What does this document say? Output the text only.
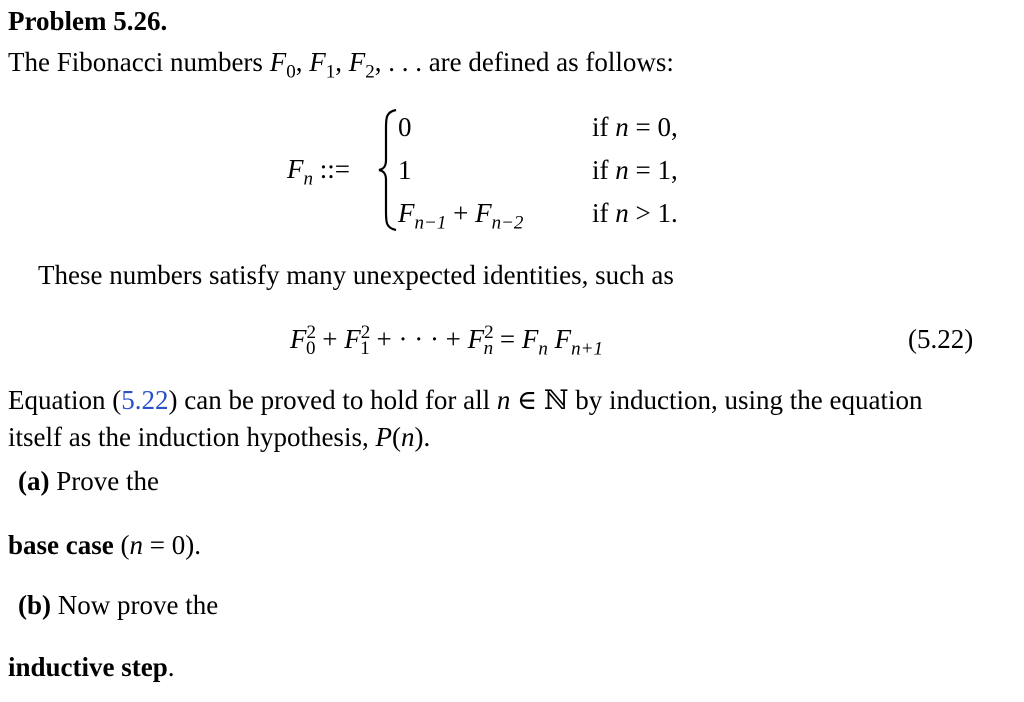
Problem 5.26.
The Fibonacci numbers $F_0$, $F_1$, $F_2$, . . . are defined as follows:
$F_n$ ::=
0	if n = 0,
1	if n = 1,
$F_{n-1} + F_{n-2}$	if n > 1.
These numbers satisfy many unexpected identities, such as
$F^2_0 + F^2_1$ + · · · + $F^2_n = F_n$ $F_{n+1}$	(5.22)
Equation (5.22) can be proved to hold for all n ∈ ℕ by induction, using the equation
itself as the induction hypothesis, P(n).
(a) Prove the
base case (n = 0).
(b) Now prove the
inductive step.
